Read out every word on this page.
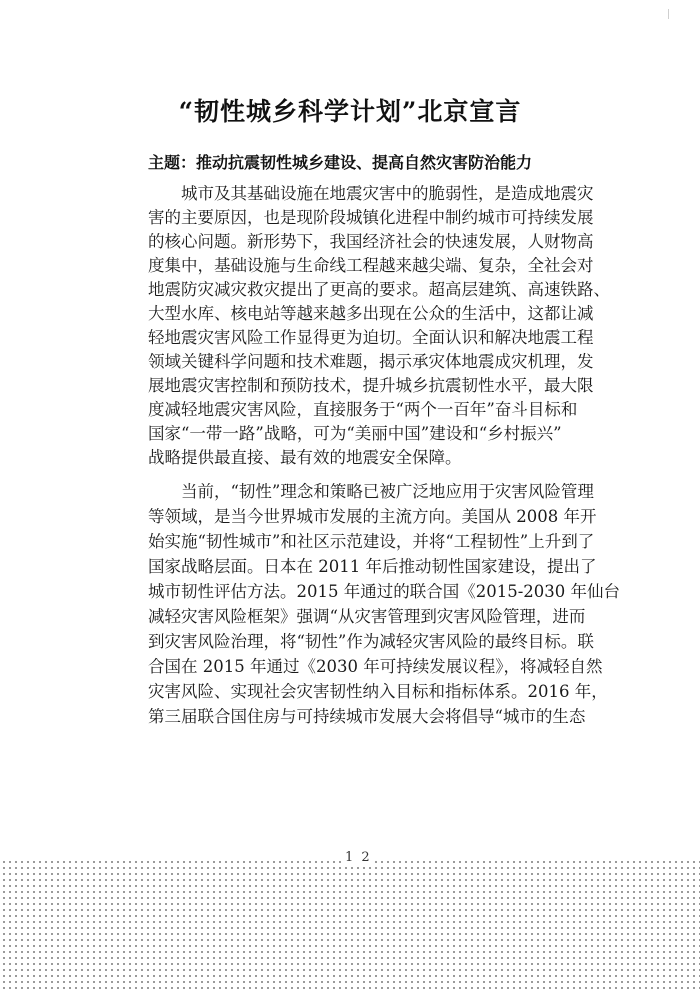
“韧性城乡科学计划”北京宣言
主题：推动抗震韧性城乡建设、提高自然灾害防治能力
　　城市及其基础设施在地震灾害中的脆弱性，是造成地震灾
害的主要原因，也是现阶段城镇化进程中制约城市可持续发展
的核心问题。新形势下，我国经济社会的快速发展，人财物高
度集中，基础设施与生命线工程越来越尖端、复杂，全社会对
地震防灾减灾救灾提出了更高的要求。超高层建筑、高速铁路、
大型水库、核电站等越来越多出现在公众的生活中，这都让减
轻地震灾害风险工作显得更为迫切。全面认识和解决地震工程
领域关键科学问题和技术难题，揭示承灾体地震成灾机理，发
展地震灾害控制和预防技术，提升城乡抗震韧性水平，最大限
度减轻地震灾害风险，直接服务于“两个一百年”奋斗目标和
国家“一带一路”战略，可为“美丽中国”建设和“乡村振兴”
战略提供最直接、最有效的地震安全保障。
　　当前，“韧性”理念和策略已被广泛地应用于灾害风险管理
等领域，是当今世界城市发展的主流方向。美国从 2008 年开
始实施“韧性城市”和社区示范建设，并将“工程韧性”上升到了
国家战略层面。日本在 2011 年后推动韧性国家建设，提出了
城市韧性评估方法。2015 年通过的联合国《2015-2030 年仙台
减轻灾害风险框架》强调“从灾害管理到灾害风险管理，进而
到灾害风险治理，将“韧性”作为减轻灾害风险的最终目标。联
合国在 2015 年通过《2030 年可持续发展议程》，将减轻自然
灾害风险、实现社会灾害韧性纳入目标和指标体系。2016 年，
第三届联合国住房与可持续城市发展大会将倡导“城市的生态
1 2
